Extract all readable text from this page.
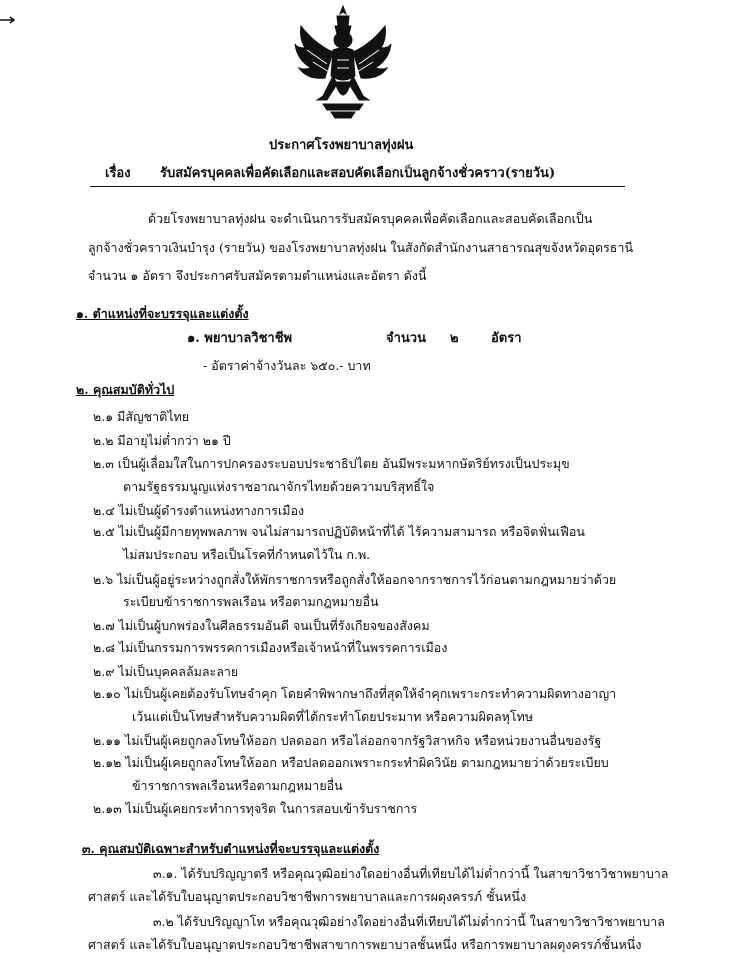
ประกาศโรงพยาบาลทุ่งฝน
เรื่อง รับสมัครบุคคลเพื่อคัดเลือกและสอบคัดเลือกเป็นลูกจ้างชั่วคราว(รายวัน)
ด้วยโรงพยาบาลทุ่งฝน จะดำเนินการรับสมัครบุคคลเพื่อคัดเลือกและสอบคัดเลือกเป็น
ลูกจ้างชั่วคราวเงินบำรุง (รายวัน) ของโรงพยาบาลทุ่งฝน ในสังกัดสำนักงานสาธารณสุขจังหวัดอุดรธานี
จำนวน ๑ อัตรา จึงประกาศรับสมัครตามตำแหน่งและอัตรา ดังนี้
๑. ตำแหน่งที่จะบรรจุและแต่งตั้ง
๑. พยาบาลวิชาชีพ	จำนวน ๒ อัตรา
- อัตราค่าจ้างวันละ ๖๕๐.- บาท
๒. คุณสมบัติทั่วไป
๒.๑ มีสัญชาติไทย
๒.๒ มีอายุไม่ต่ำกว่า ๒๑ ปี
๒.๓ เป็นผู้เลื่อมใสในการปกครองระบอบประชาธิปไตย อันมีพระมหากษัตริย์ทรงเป็นประมุข
ตามรัฐธรรมนูญแห่งราชอาณาจักรไทยด้วยความบริสุทธิ์ใจ
๒.๔ ไม่เป็นผู้ดำรงตำแหน่งทางการเมือง
๒.๕ ไม่เป็นผู้มีกายทุพพลภาพ จนไม่สามารถปฏิบัติหน้าที่ได้ ไร้ความสามารถ หรือจิตฟั่นเฟือน
ไม่สมประกอบ หรือเป็นโรคที่กำหนดไว้ใน ก.พ.
๒.๖ ไม่เป็นผู้อยู่ระหว่างถูกสั่งให้พักราชการหรือถูกสั่งให้ออกจากราชการไว้ก่อนตามกฎหมายว่าด้วย
ระเบียบข้าราชการพลเรือน หรือตามกฎหมายอื่น
๒.๗ ไม่เป็นผู้บกพร่องในศีลธรรมอันดี จนเป็นที่รังเกียจของสังคม
๒.๘ ไม่เป็นกรรมการพรรคการเมืองหรือเจ้าหน้าที่ในพรรคการเมือง
๒.๙ ไม่เป็นบุคคลล้มละลาย
๒.๑๐ ไม่เป็นผู้เคยต้องรับโทษจำคุก โดยคำพิพากษาถึงที่สุดให้จำคุกเพราะกระทำความผิดทางอาญา
เว้นแต่เป็นโทษสำหรับความผิดที่ได้กระทำโดยประมาท หรือความผิดลหุโทษ
๒.๑๑ ไม่เป็นผู้เคยถูกลงโทษให้ออก ปลดออก หรือไล่ออกจากรัฐวิสาหกิจ หรือหน่วยงานอื่นของรัฐ
๒.๑๒ ไม่เป็นผู้เคยถูกลงโทษให้ออก หรือปลดออกเพราะกระทำผิดวินัย ตามกฎหมายว่าด้วยระเบียบ
ข้าราชการพลเรือนหรือตามกฎหมายอื่น
๒.๑๓ ไม่เป็นผู้เคยกระทำการทุจริต ในการสอบเข้ารับราชการ
๓. คุณสมบัติเฉพาะสำหรับตำแหน่งที่จะบรรจุและแต่งตั้ง
๓.๑. ได้รับปริญญาตรี หรือคุณวุฒิอย่างใดอย่างอื่นที่เทียบได้ไม่ต่ำกว่านี้ ในสาขาวิชาวิชาพยาบาล
ศาสตร์ และได้รับใบอนุญาตประกอบวิชาชีพการพยาบาลและการผดุงครรภ์ ชั้นหนึ่ง
๓.๒ ได้รับปริญญาโท หรือคุณวุฒิอย่างใดอย่างอื่นที่เทียบได้ไม่ต่ำกว่านี้ ในสาขาวิชาวิชาพยาบาล
ศาสตร์ และได้รับใบอนุญาตประกอบวิชาชีพสาขาการพยาบาลชั้นหนึ่ง หรือการพยาบาลผดุงครรภ์ชั้นหนึ่ง
